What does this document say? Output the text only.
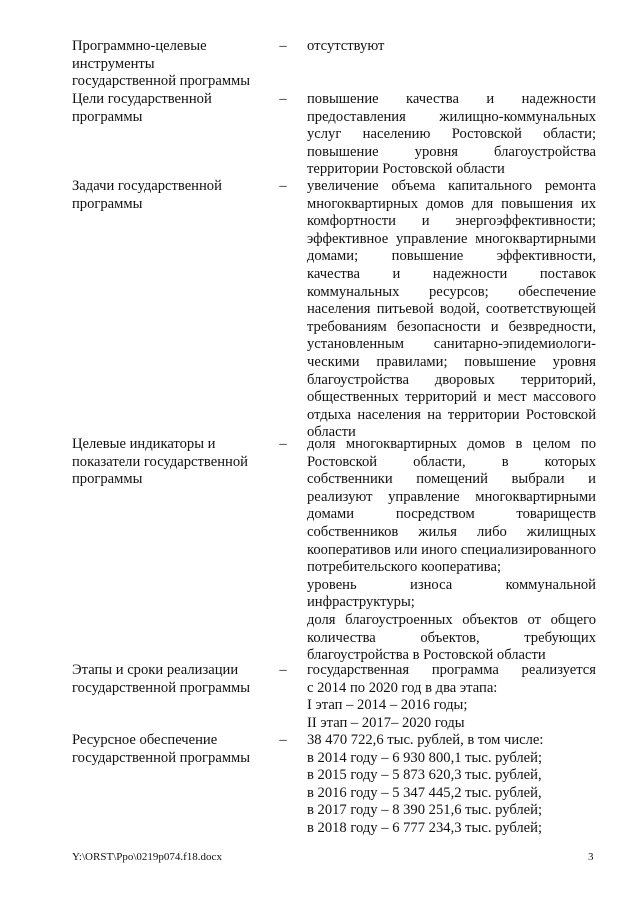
Программно-целевые
инструменты
государственной программы
– отсутствуют
Цели государственной
программы
– повышение качества и надежности
предоставления жилищно-коммунальных
услуг населению Ростовской области;
повышение уровня благоустройства
территории Ростовской области
Задачи государственной
программы
– увеличение объема капитального ремонта
многоквартирных домов для повышения их
комфортности и энергоэффективности;
эффективное управление многоквартирными
домами; повышение эффективности,
качества и надежности поставок
коммунальных ресурсов; обеспечение
населения питьевой водой, соответствующей
требованиям безопасности и безвредности,
установленным санитарно-эпидемиологи-
ческими правилами; повышение уровня
благоустройства дворовых территорий,
общественных территорий и мест массового
отдыха населения на территории Ростовской
области
Целевые индикаторы и
показатели государственной
программы
– доля многоквартирных домов в целом по
Ростовской области, в которых
собственники помещений выбрали и
реализуют управление многоквартирными
домами посредством товариществ
собственников жилья либо жилищных
кооперативов или иного специализированного
потребительского кооператива;
уровень износа коммунальной
инфраструктуры;
доля благоустроенных объектов от общего
количества объектов, требующих
благоустройства в Ростовской области
Этапы и сроки реализации
государственной программы
– государственная программа реализуется
с 2014 по 2020 год в два этапа:
I этап – 2014 – 2016 годы;
II этап – 2017– 2020 годы
Ресурсное обеспечение
государственной программы
– 38 470 722,6 тыс. рублей, в том числе:
в 2014 году – 6 930 800,1 тыс. рублей;
в 2015 году – 5 873 620,3 тыс. рублей,
в 2016 году – 5 347 445,2 тыс. рублей,
в 2017 году – 8 390 251,6 тыс. рублей;
в 2018 году – 6 777 234,3 тыс. рублей;
Y:\ORST\Ppo\0219p074.f18.docx	3
